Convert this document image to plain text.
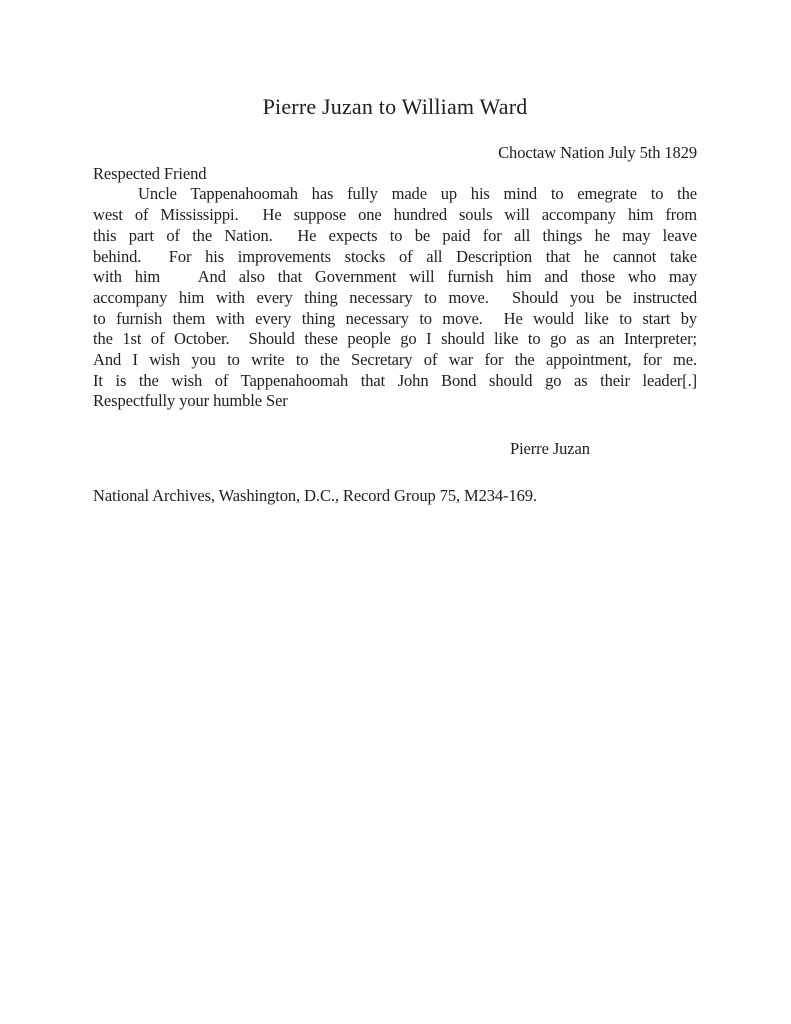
Pierre Juzan to William Ward
Choctaw Nation July 5th 1829
Respected Friend
Uncle Tappenahoomah has fully made up his mind to emegrate to the
west of Mississippi.  He suppose one hundred souls will accompany him from
this part of the Nation.  He expects to be paid for all things he may leave
behind.  For his improvements stocks of all Description that he cannot take
with him   And also that Government will furnish him and those who may
accompany him with every thing necessary to move.  Should you be instructed
to furnish them with every thing necessary to move.  He would like to start by
the 1st of October.  Should these people go I should like to go as an Interpreter;
And I wish you to write to the Secretary of war for the appointment, for me.
It is the wish of Tappenahoomah that John Bond should go as their leader[.]
Respectfully your humble Ser
Pierre Juzan
National Archives, Washington, D.C., Record Group 75, M234-169.
